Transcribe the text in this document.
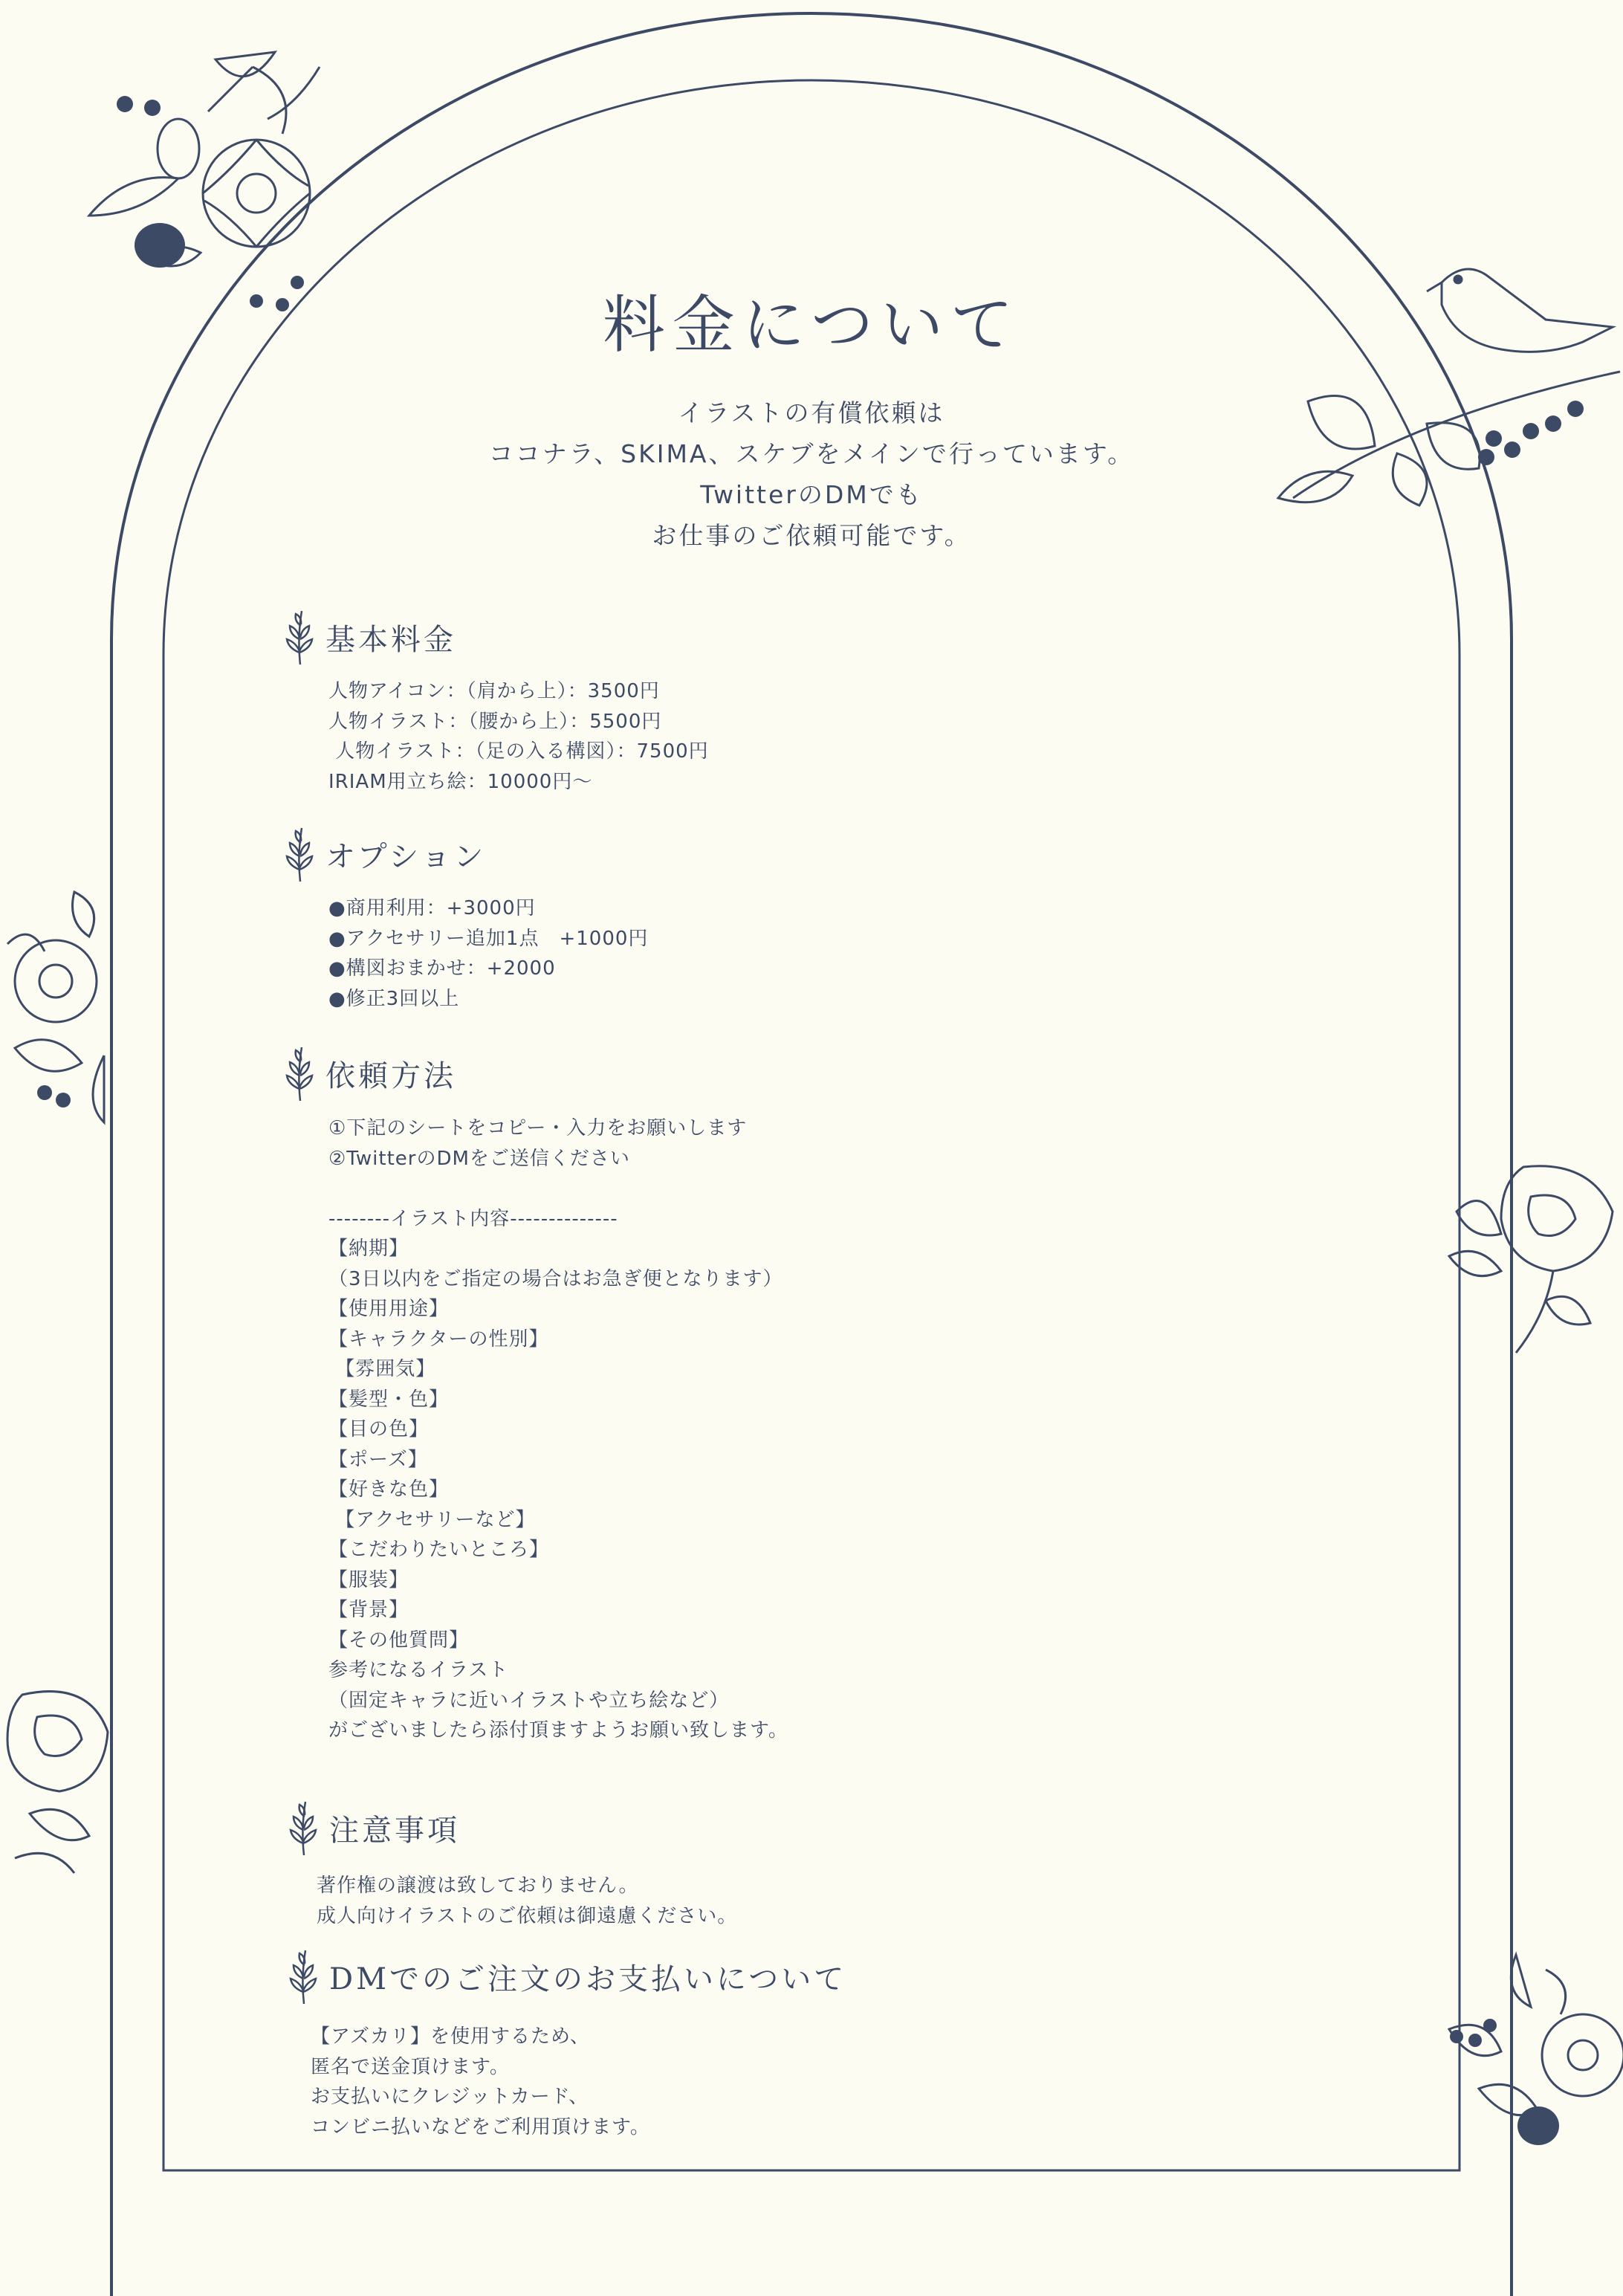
料金について
イラストの有償依頼は
ココナラ、SKIMA、スケブをメインで行っています。
TwitterのDMでも
お仕事のご依頼可能です。
基本料金
人物アイコン：（肩から上）：3500円
人物イラスト：（腰から上）：5500円
人物イラスト：（足の入る構図）：7500円
IRIAM用立ち絵：10000円〜
オプション
●商用利用：+3000円
●アクセサリー追加1点　+1000円
●構図おまかせ：+2000
●修正3回以上
依頼方法
①下記のシートをコピー・入力をお願いします
②TwitterのDMをご送信ください
--------イラスト内容--------------
【納期】
（3日以内をご指定の場合はお急ぎ便となります）
【使用用途】
【キャラクターの性別】
【雰囲気】
【髪型・色】
【目の色】
【ポーズ】
【好きな色】
【アクセサリーなど】
【こだわりたいところ】
【服装】
【背景】
【その他質問】
参考になるイラスト
（固定キャラに近いイラストや立ち絵など）
がございましたら添付頂ますようお願い致します。
注意事項
著作権の譲渡は致しておりません。
成人向けイラストのご依頼は御遠慮ください。
DMでのご注文のお支払いについて
【アズカリ】を使用するため、
匿名で送金頂けます。
お支払いにクレジットカード、
コンビニ払いなどをご利用頂けます。
